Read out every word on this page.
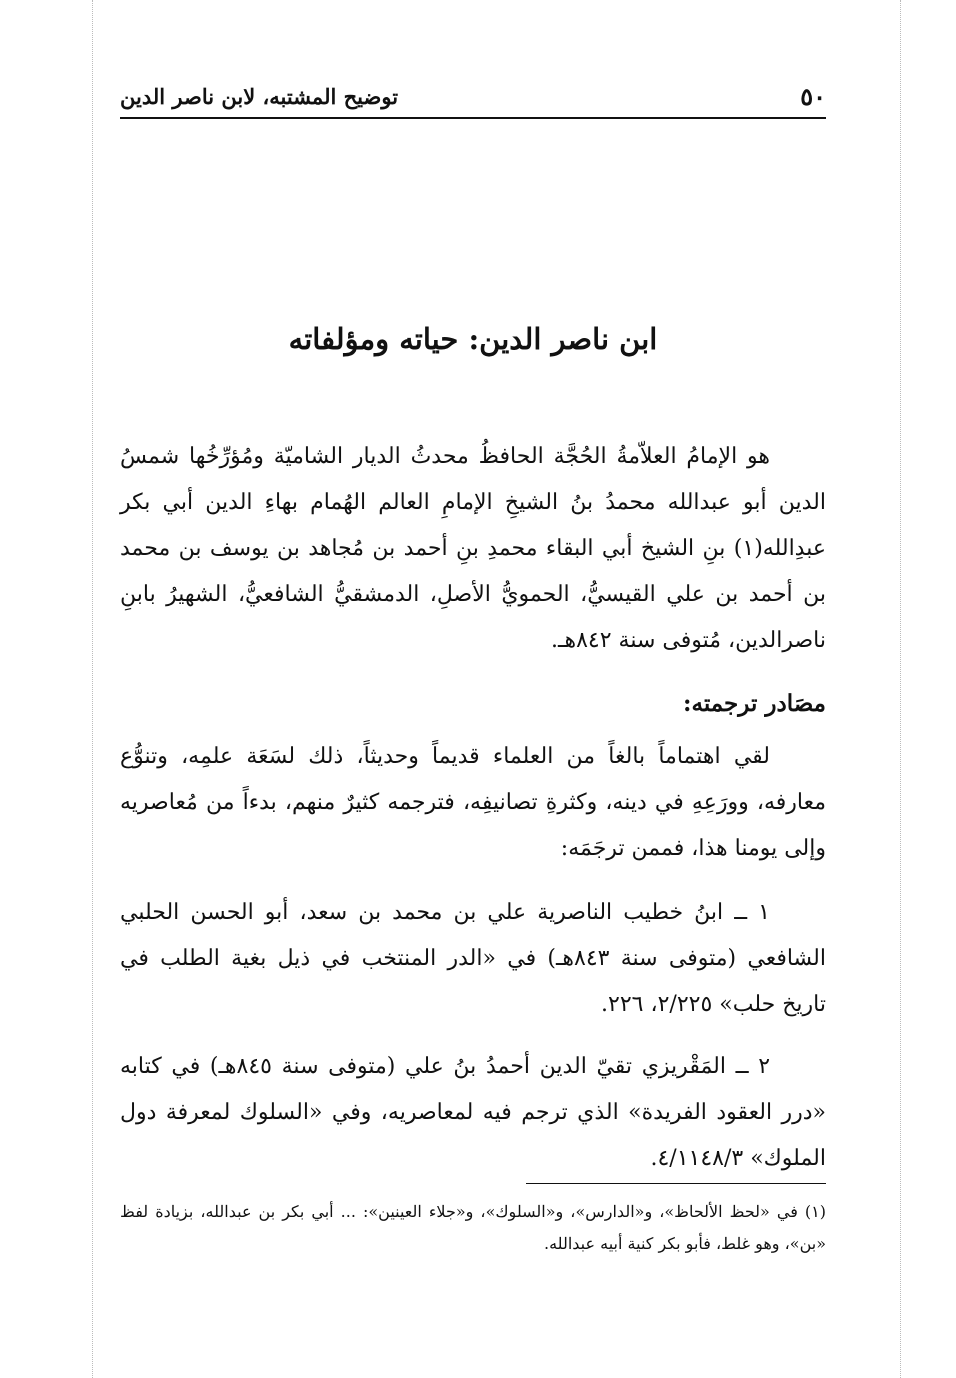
٥٠
توضيح المشتبه، لابن ناصر الدين
ابن ناصر الدين: حياته ومؤلفاته
هو الإمامُ العلاّمةُ الحُجَّة الحافظُ محدثُ الديار الشاميّة ومُؤرِّخُها شمسُ الدين أبو عبدالله محمدُ بنُ الشيخِ الإمامِ العالم الهُمام بهاءِ الدين أبي بكر عبدِالله(١) بنِ الشيخ أبي البقاء محمدِ بنِ أحمد بن مُجاهد بن يوسف بن محمد بن أحمد بن علي القيسيُّ، الحمويُّ الأصلِ، الدمشقيُّ الشافعيُّ، الشهيرُ بابنِ ناصرالدين، مُتوفى سنة ٨٤٢هـ.
مصَادر ترجمته:
لقي اهتماماً بالغاً من العلماء قديماً وحديثاً، ذلك لسَعَة علمِه، وتنوُّع معارفه، وورَعِهِ في دينه، وكثرةِ تصانيفِه، فترجمه كثيرٌ منهم، بدءاً من مُعاصريه وإلى يومنا هذا، فممن ترجَمَه:
١ ــ ابنُ خطيب الناصرية علي بن محمد بن سعد، أبو الحسن الحلبي الشافعي (متوفى سنة ٨٤٣هـ) في «الدر المنتخب في ذيل بغية الطلب في تاريخ حلب» ٢/٢٢٥، ٢٢٦.
٢ ــ المَقْريزي تقيّ الدين أحمدُ بنُ علي (متوفى سنة ٨٤٥هـ) في كتابه «درر العقود الفريدة» الذي ترجم فيه لمعاصريه، وفي «السلوك لمعرفة دول الملوك» ٤/١١٤٨/٣.
(١) في «لحظ الألحاظ»، و«الدارس»، و«السلوك»، و«جلاء العينين»: ... أبي بكر بن عبدالله، بزيادة لفظ «بن»، وهو غلط، فأبو بكر كنية أبيه عبدالله.
